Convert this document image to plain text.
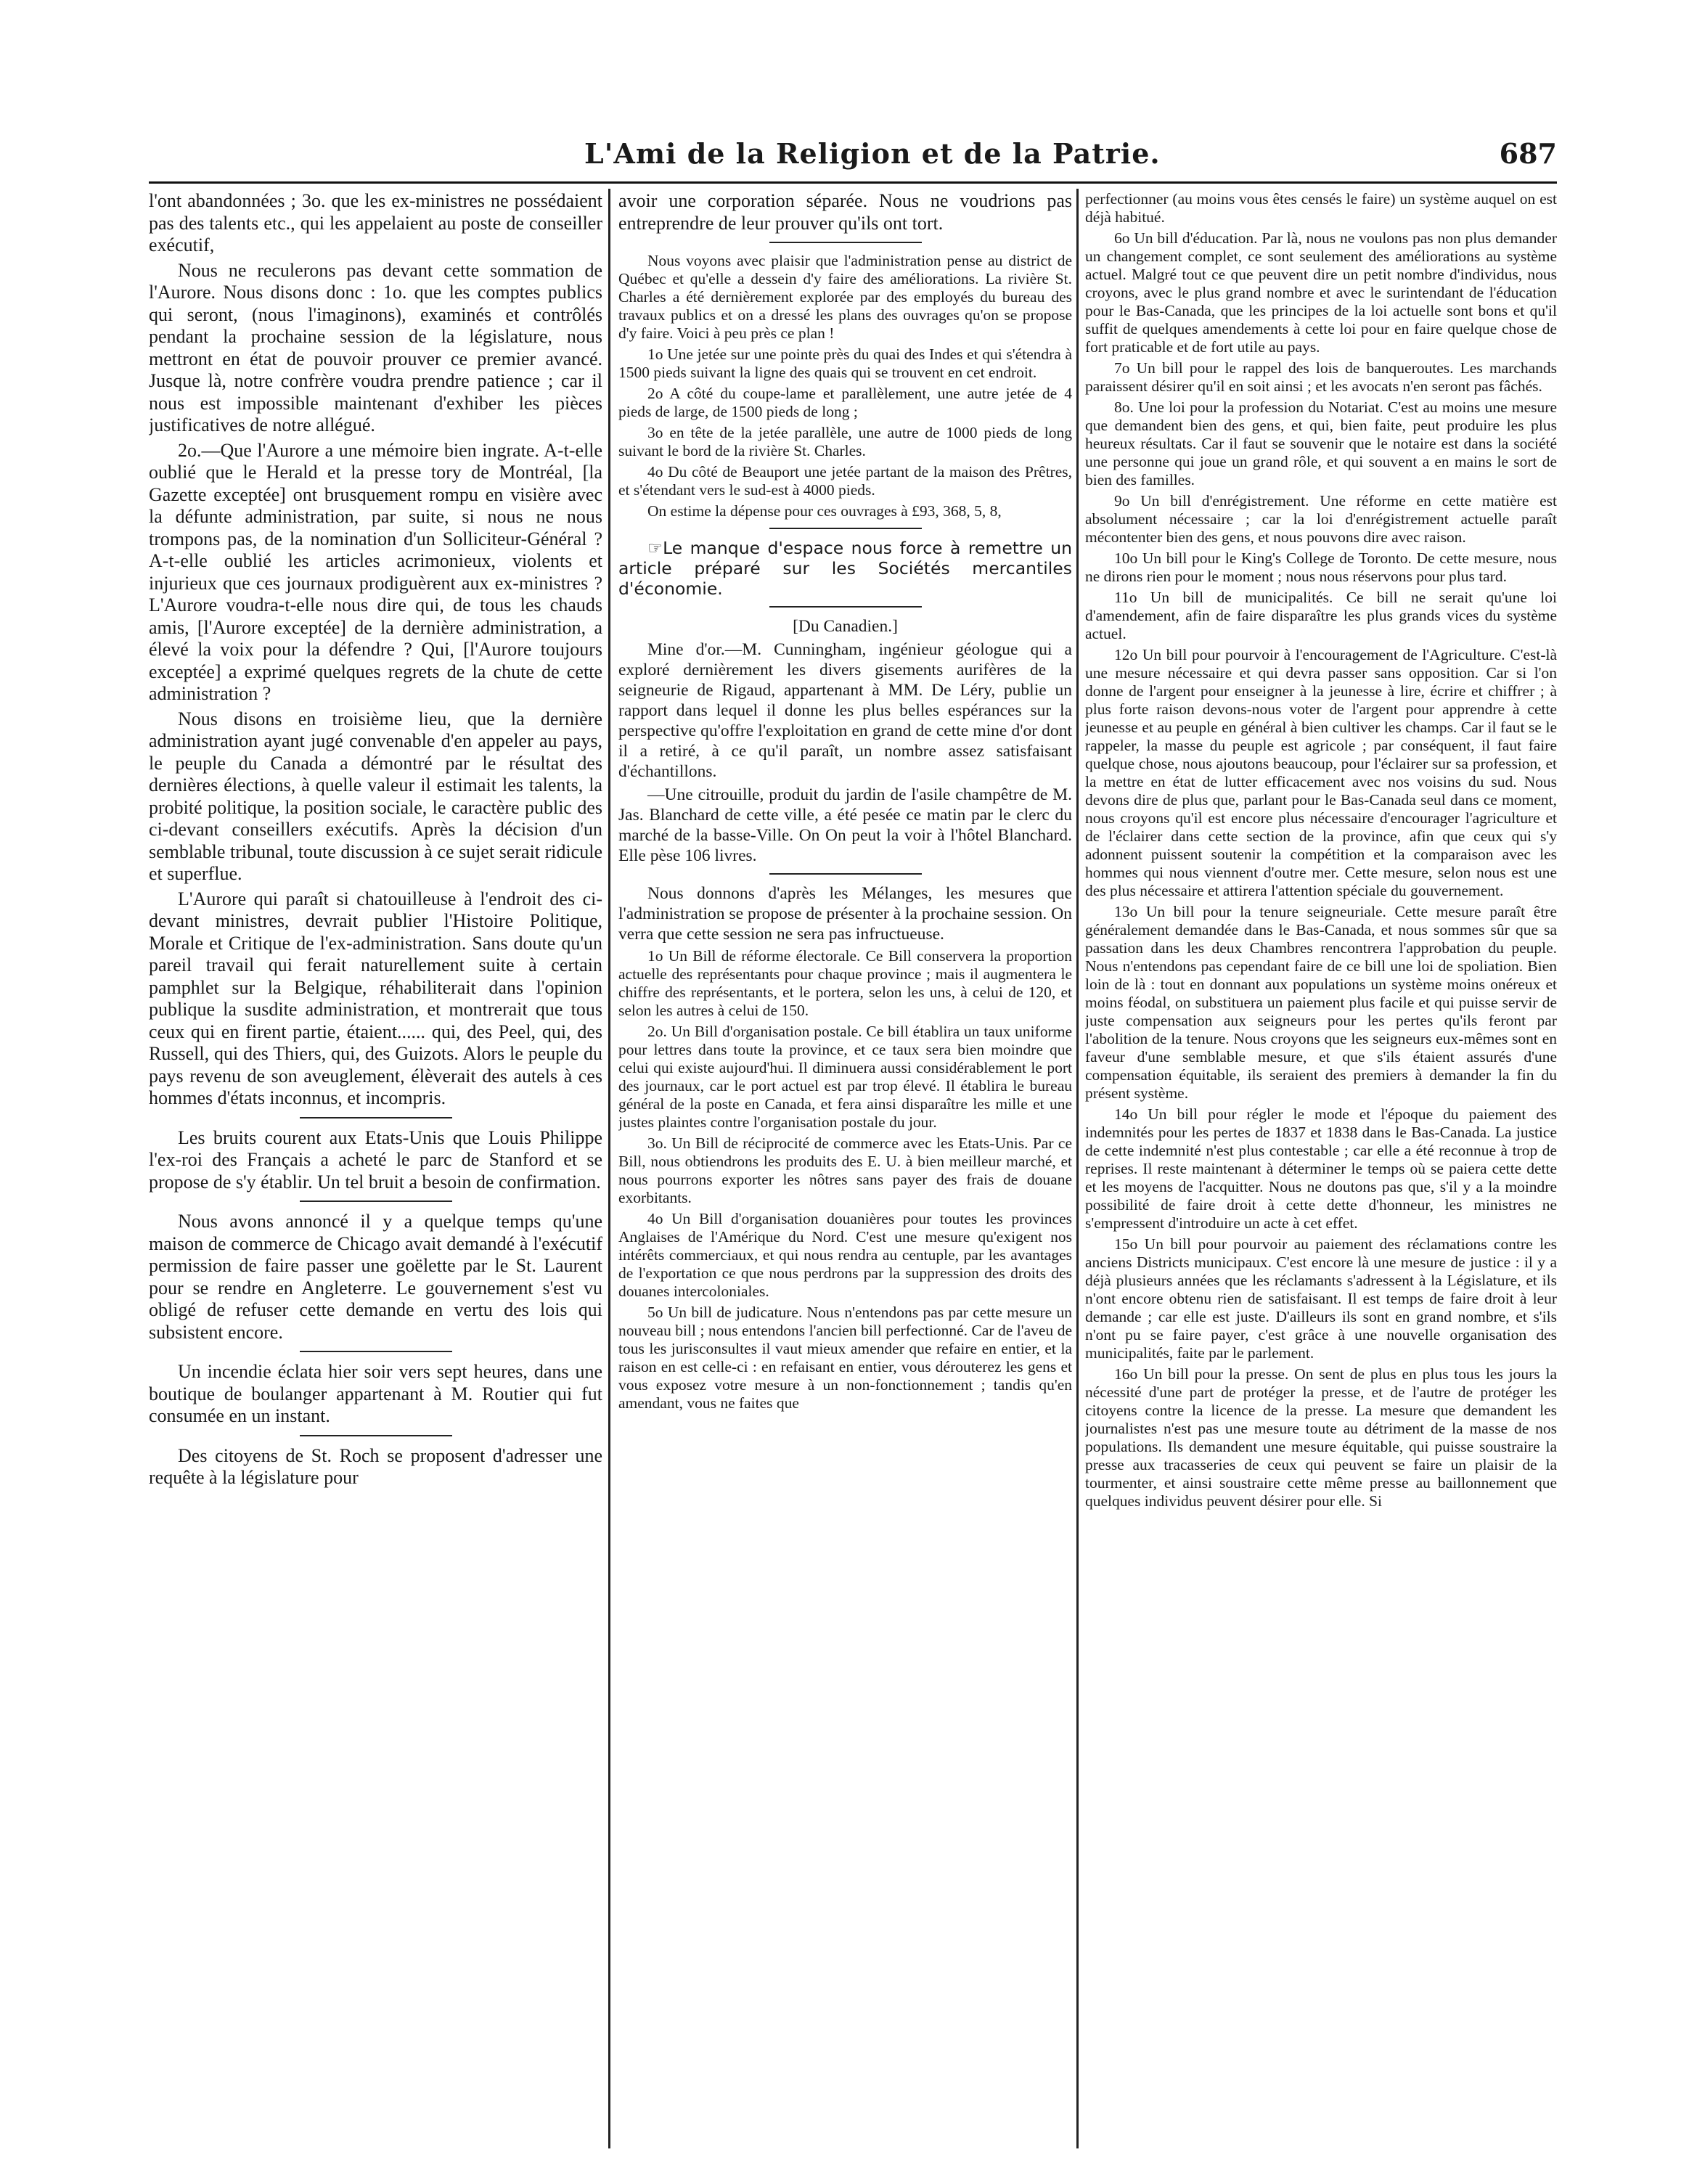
L'Ami de la Religion et de la Patrie.	687

l'ont abandonnées ; 3o. que les ex-ministres ne possédaient pas des talents etc., qui les appelaient au poste de conseiller exécutif,

Nous ne reculerons pas devant cette sommation de l'Aurore. Nous disons donc : 1o. que les comptes publics qui seront, (nous l'imaginons), examinés et contrôlés pendant la prochaine session de la législature, nous mettront en état de pouvoir prouver ce premier avancé. Jusque là, notre confrère voudra prendre patience ; car il nous est impossible maintenant d'exhiber les pièces justificatives de notre allégué.

2o.—Que l'Aurore a une mémoire bien ingrate. A-t-elle oublié que le Herald et la presse tory de Montréal, [la Gazette exceptée] ont brusquement rompu en visière avec la défunte administration, par suite, si nous ne nous trompons pas, de la nomination d'un Solliciteur-Général ? A-t-elle oublié les articles acrimonieux, violents et injurieux que ces journaux prodiguèrent aux ex-ministres ? L'Aurore voudra-t-elle nous dire qui, de tous les chauds amis, [l'Aurore exceptée] de la dernière administration, a élevé la voix pour la défendre ? Qui, [l'Aurore toujours exceptée] a exprimé quelques regrets de la chute de cette administration ?

Nous disons en troisième lieu, que la dernière administration ayant jugé convenable d'en appeler au pays, le peuple du Canada a démontré par le résultat des dernières élections, à quelle valeur il estimait les talents, la probité politique, la position sociale, le caractère public des ci-devant conseillers exécutifs. Après la décision d'un semblable tribunal, toute discussion à ce sujet serait ridicule et superflue.

L'Aurore qui paraît si chatouilleuse à l'endroit des ci-devant ministres, devrait publier l'Histoire Politique, Morale et Critique de l'ex-administration. Sans doute qu'un pareil travail qui ferait naturellement suite à certain pamphlet sur la Belgique, réhabiliterait dans l'opinion publique la susdite administration, et montrerait que tous ceux qui en firent partie, étaient...... qui, des Peel, qui, des Russell, qui des Thiers, qui, des Guizots. Alors le peuple du pays revenu de son aveuglement, élèverait des autels à ces hommes d'états inconnus, et incompris.

Les bruits courent aux Etats-Unis que Louis Philippe l'ex-roi des Français a acheté le parc de Stanford et se propose de s'y établir. Un tel bruit a besoin de confirmation.

Nous avons annoncé il y a quelque temps qu'une maison de commerce de Chicago avait demandé à l'exécutif permission de faire passer une goëlette par le St. Laurent pour se rendre en Angleterre. Le gouvernement s'est vu obligé de refuser cette demande en vertu des lois qui subsistent encore.

Un incendie éclata hier soir vers sept heures, dans une boutique de boulanger appartenant à M. Routier qui fut consumée en un instant.

Des citoyens de St. Roch se proposent d'adresser une requête à la législature pour

avoir une corporation séparée. Nous ne voudrions pas entreprendre de leur prouver qu'ils ont tort.

Nous voyons avec plaisir que l'administration pense au district de Québec et qu'elle a dessein d'y faire des améliorations. La rivière St. Charles a été dernièrement explorée par des employés du bureau des travaux publics et on a dressé les plans des ouvrages qu'on se propose d'y faire. Voici à peu près ce plan !

1o Une jetée sur une pointe près du quai des Indes et qui s'étendra à 1500 pieds suivant la ligne des quais qui se trouvent en cet endroit.

2o A côté du coupe-lame et parallèlement, une autre jetée de 4 pieds de large, de 1500 pieds de long ;

3o en tête de la jetée parallèle, une autre de 1000 pieds de long suivant le bord de la rivière St. Charles.

4o Du côté de Beauport une jetée partant de la maison des Prêtres, et s'étendant vers le sud-est à 4000 pieds.

On estime la dépense pour ces ouvrages à £93, 368, 5, 8,

☞Le manque d'espace nous force à remettre un article préparé sur les Sociétés mercantiles d'économie.

[Du Canadien.]

Mine d'or.—M. Cunningham, ingénieur géologue qui a exploré dernièrement les divers gisements aurifères de la seigneurie de Rigaud, appartenant à MM. De Léry, publie un rapport dans lequel il donne les plus belles espérances sur la perspective qu'offre l'exploitation en grand de cette mine d'or dont il a retiré, à ce qu'il paraît, un nombre assez satisfaisant d'échantillons.

—Une citrouille, produit du jardin de l'asile champêtre de M. Jas. Blanchard de cette ville, a été pesée ce matin par le clerc du marché de la basse-Ville. On On peut la voir à l'hôtel Blanchard. Elle pèse 106 livres.

Nous donnons d'après les Mélanges, les mesures que l'administration se propose de présenter à la prochaine session. On verra que cette session ne sera pas infructueuse.

1o Un Bill de réforme électorale. Ce Bill conservera la proportion actuelle des représentants pour chaque province ; mais il augmentera le chiffre des représentants, et le portera, selon les uns, à celui de 120, et selon les autres à celui de 150.

2o. Un Bill d'organisation postale. Ce bill établira un taux uniforme pour lettres dans toute la province, et ce taux sera bien moindre que celui qui existe aujourd'hui. Il diminuera aussi considérablement le port des journaux, car le port actuel est par trop élevé. Il établira le bureau général de la poste en Canada, et fera ainsi disparaître les mille et une justes plaintes contre l'organisation postale du jour.

3o. Un Bill de réciprocité de commerce avec les Etats-Unis. Par ce Bill, nous obtiendrons les produits des E. U. à bien meilleur marché, et nous pourrons exporter les nôtres sans payer des frais de douane exorbitants.

4o Un Bill d'organisation douanières pour toutes les provinces Anglaises de l'Amérique du Nord. C'est une mesure qu'exigent nos intérêts commerciaux, et qui nous rendra au centuple, par les avantages de l'exportation ce que nous perdrons par la suppression des droits des douanes intercoloniales.

5o Un bill de judicature. Nous n'entendons pas par cette mesure un nouveau bill ; nous entendons l'ancien bill perfectionné. Car de l'aveu de tous les jurisconsultes il vaut mieux amender que refaire en entier, et la raison en est celle-ci : en refaisant en entier, vous dérouterez les gens et vous exposez votre mesure à un non-fonctionnement ; tandis qu'en amendant, vous ne faites que

perfectionner (au moins vous êtes censés le faire) un système auquel on est déjà habitué.

6o Un bill d'éducation. Par là, nous ne voulons pas non plus demander un changement complet, ce sont seulement des améliorations au système actuel. Malgré tout ce que peuvent dire un petit nombre d'individus, nous croyons, avec le plus grand nombre et avec le surintendant de l'éducation pour le Bas-Canada, que les principes de la loi actuelle sont bons et qu'il suffit de quelques amendements à cette loi pour en faire quelque chose de fort praticable et de fort utile au pays.

7o Un bill pour le rappel des lois de banqueroutes. Les marchands paraissent désirer qu'il en soit ainsi ; et les avocats n'en seront pas fâchés.

8o. Une loi pour la profession du Notariat. C'est au moins une mesure que demandent bien des gens, et qui, bien faite, peut produire les plus heureux résultats. Car il faut se souvenir que le notaire est dans la société une personne qui joue un grand rôle, et qui souvent a en mains le sort de bien des familles.

9o Un bill d'enrégistrement. Une réforme en cette matière est absolument nécessaire ; car la loi d'enrégistrement actuelle paraît mécontenter bien des gens, et nous pouvons dire avec raison.

10o Un bill pour le King's College de Toronto. De cette mesure, nous ne dirons rien pour le moment ; nous nous réservons pour plus tard.

11o Un bill de municipalités. Ce bill ne serait qu'une loi d'amendement, afin de faire disparaître les plus grands vices du système actuel.

12o Un bill pour pourvoir à l'encouragement de l'Agriculture. C'est-là une mesure nécessaire et qui devra passer sans opposition. Car si l'on donne de l'argent pour enseigner à la jeunesse à lire, écrire et chiffrer ; à plus forte raison devons-nous voter de l'argent pour apprendre à cette jeunesse et au peuple en général à bien cultiver les champs. Car il faut se le rappeler, la masse du peuple est agricole ; par conséquent, il faut faire quelque chose, nous ajoutons beaucoup, pour l'éclairer sur sa profession, et la mettre en état de lutter efficacement avec nos voisins du sud. Nous devons dire de plus que, parlant pour le Bas-Canada seul dans ce moment, nous croyons qu'il est encore plus nécessaire d'encourager l'agriculture et de l'éclairer dans cette section de la province, afin que ceux qui s'y adonnent puissent soutenir la compétition et la comparaison avec les hommes qui nous viennent d'outre mer. Cette mesure, selon nous est une des plus nécessaire et attirera l'attention spéciale du gouvernement.

13o Un bill pour la tenure seigneuriale. Cette mesure paraît être généralement demandée dans le Bas-Canada, et nous sommes sûr que sa passation dans les deux Chambres rencontrera l'approbation du peuple. Nous n'entendons pas cependant faire de ce bill une loi de spoliation. Bien loin de là : tout en donnant aux populations un système moins onéreux et moins féodal, on substituera un paiement plus facile et qui puisse servir de juste compensation aux seigneurs pour les pertes qu'ils feront par l'abolition de la tenure. Nous croyons que les seigneurs eux-mêmes sont en faveur d'une semblable mesure, et que s'ils étaient assurés d'une compensation équitable, ils seraient des premiers à demander la fin du présent système.

14o Un bill pour régler le mode et l'époque du paiement des indemnités pour les pertes de 1837 et 1838 dans le Bas-Canada. La justice de cette indemnité n'est plus contestable ; car elle a été reconnue à trop de reprises. Il reste maintenant à déterminer le temps où se paiera cette dette et les moyens de l'acquitter. Nous ne doutons pas que, s'il y a la moindre possibilité de faire droit à cette dette d'honneur, les ministres ne s'empressent d'introduire un acte à cet effet.

15o Un bill pour pourvoir au paiement des réclamations contre les anciens Districts municipaux. C'est encore là une mesure de justice : il y a déjà plusieurs années que les réclamants s'adressent à la Législature, et ils n'ont encore obtenu rien de satisfaisant. Il est temps de faire droit à leur demande ; car elle est juste. D'ailleurs ils sont en grand nombre, et s'ils n'ont pu se faire payer, c'est grâce à une nouvelle organisation des municipalités, faite par le parlement.

16o Un bill pour la presse. On sent de plus en plus tous les jours la nécessité d'une part de protéger la presse, et de l'autre de protéger les citoyens contre la licence de la presse. La mesure que demandent les journalistes n'est pas une mesure toute au détriment de la masse de nos populations. Ils demandent une mesure équitable, qui puisse soustraire la presse aux tracasseries de ceux qui peuvent se faire un plaisir de la tourmenter, et ainsi soustraire cette même presse au baillonnement que quelques individus peuvent désirer pour elle. Si
